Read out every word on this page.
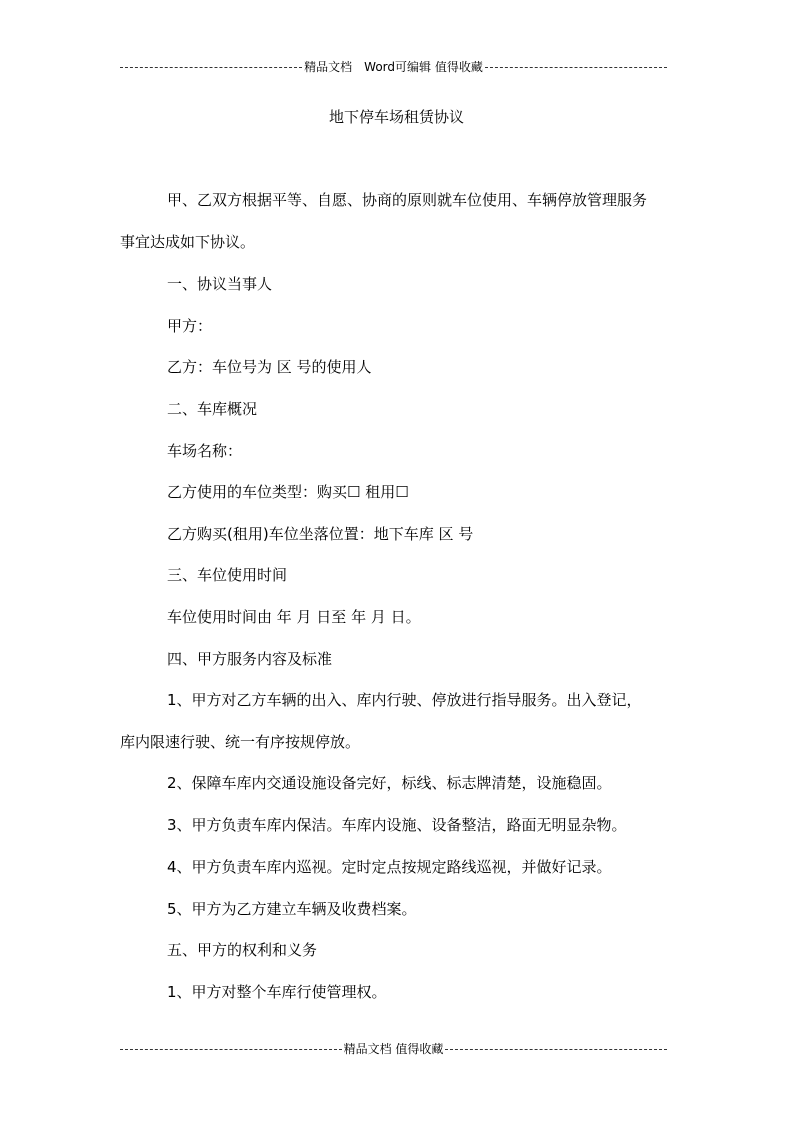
精品文档　Word可编辑 值得收藏
地下停车场租赁协议
甲、乙双方根据平等、自愿、协商的原则就车位使用、车辆停放管理服务
事宜达成如下协议。
一、协议当事人
甲方：
乙方：车位号为 区 号的使用人
二、车库概况
车场名称：
乙方使用的车位类型：购买☐ 租用☐
乙方购买(租用)车位坐落位置：地下车库 区 号
三、车位使用时间
车位使用时间由 年 月 日至 年 月 日。
四、甲方服务内容及标准
1、甲方对乙方车辆的出入、库内行驶、停放进行指导服务。出入登记，
库内限速行驶、统一有序按规停放。
2、保障车库内交通设施设备完好，标线、标志牌清楚，设施稳固。
3、甲方负责车库内保洁。车库内设施、设备整洁，路面无明显杂物。
4、甲方负责车库内巡视。定时定点按规定路线巡视，并做好记录。
5、甲方为乙方建立车辆及收费档案。
五、甲方的权利和义务
1、甲方对整个车库行使管理权。
精品文档 值得收藏
